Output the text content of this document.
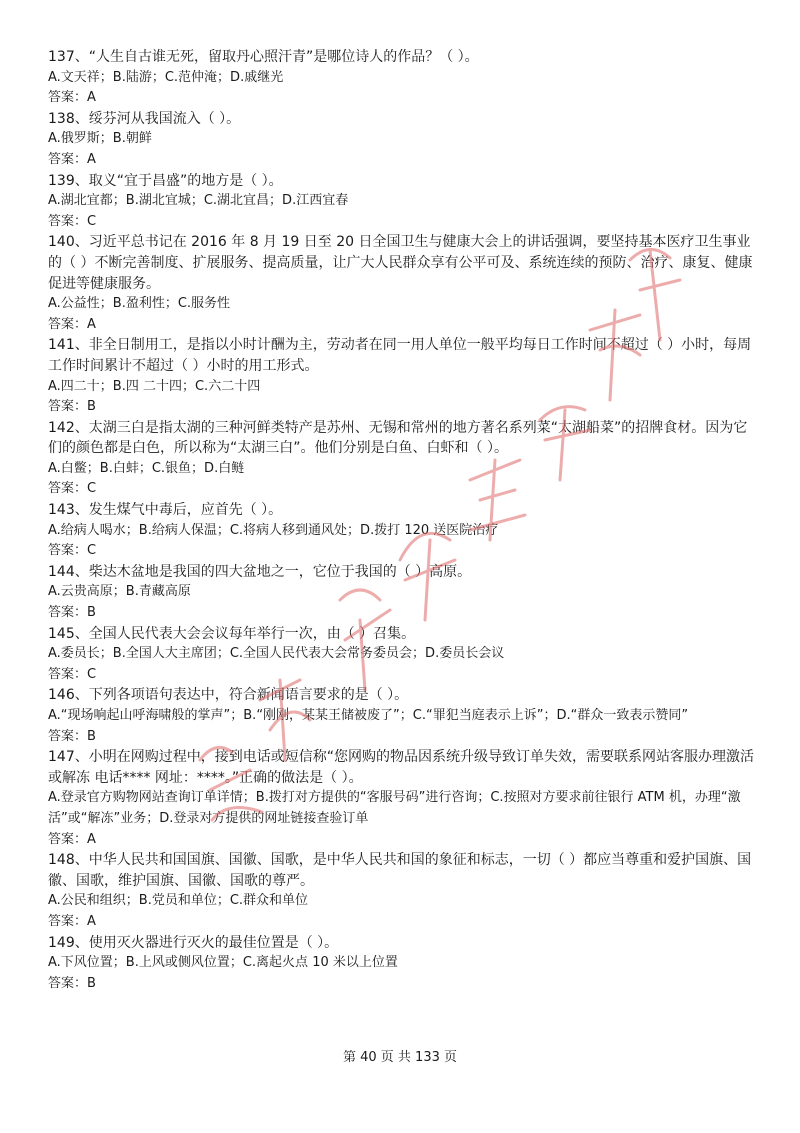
137、“人生自古谁无死，留取丹心照汗青”是哪位诗人的作品？（ ）。

A.文天祥；B.陆游；C.范仲淹；D.戚继光

答案：A

138、绥芬河从我国流入（ ）。

A.俄罗斯；B.朝鲜

答案：A

139、取义“宜于昌盛”的地方是（ ）。

A.湖北宜都；B.湖北宜城；C.湖北宜昌；D.江西宜春

答案：C

140、习近平总书记在 2016 年 8 月 19 日至 20 日全国卫生与健康大会上的讲话强调，要坚持基本医疗卫生事业的（ ）不断完善制度、扩展服务、提高质量，让广大人民群众享有公平可及、系统连续的预防、治疗、康复、健康促进等健康服务。

A.公益性；B.盈利性；C.服务性

答案：A

141、非全日制用工，是指以小时计酬为主，劳动者在同一用人单位一般平均每日工作时间不超过（ ）小时，每周工作时间累计不超过（ ）小时的用工形式。

A.四二十；B.四 二十四；C.六二十四

答案：B

142、太湖三白是指太湖的三种河鲜类特产是苏州、无锡和常州的地方著名系列菜“太湖船菜”的招牌食材。因为它们的颜色都是白色，所以称为“太湖三白”。他们分别是白鱼、白虾和（ ）。

A.白鳖；B.白蚌；C.银鱼；D.白鲢

答案：C

143、发生煤气中毒后，应首先（ ）。

A.给病人喝水；B.给病人保温；C.将病人移到通风处；D.拨打 120 送医院治疗

答案：C

144、柴达木盆地是我国的四大盆地之一，它位于我国的（ ）高原。

A.云贵高原；B.青藏高原

答案：B

145、全国人民代表大会会议每年举行一次，由（ ）召集。

A.委员长；B.全国人大主席团；C.全国人民代表大会常务委员会；D.委员长会议

答案：C

146、下列各项语句表达中，符合新闻语言要求的是（ ）。

A.“现场响起山呼海啸般的掌声”；B.“刚刚，某某王储被废了”；C.“罪犯当庭表示上诉”；D.“群众一致表示赞同”

答案：B

147、小明在网购过程中，接到电话或短信称“您网购的物品因系统升级导致订单失效，需要联系网站客服办理激活或解冻 电话**** 网址：****。”正确的做法是（ ）。

A.登录官方购物网站查询订单详情；B.拨打对方提供的“客服号码”进行咨询；C.按照对方要求前往银行 ATM 机，办理“激活”或“解冻”业务；D.登录对方提供的网址链接查验订单

答案：A

148、中华人民共和国国旗、国徽、国歌，是中华人民共和国的象征和标志，一切（ ）都应当尊重和爱护国旗、国徽、国歌，维护国旗、国徽、国歌的尊严。

A.公民和组织；B.党员和单位；C.群众和单位

答案：A

149、使用灭火器进行灭火的最佳位置是（ ）。

A.下风位置；B.上风或侧风位置；C.离起火点 10 米以上位置

答案：B

第 40 页 共 133 页
